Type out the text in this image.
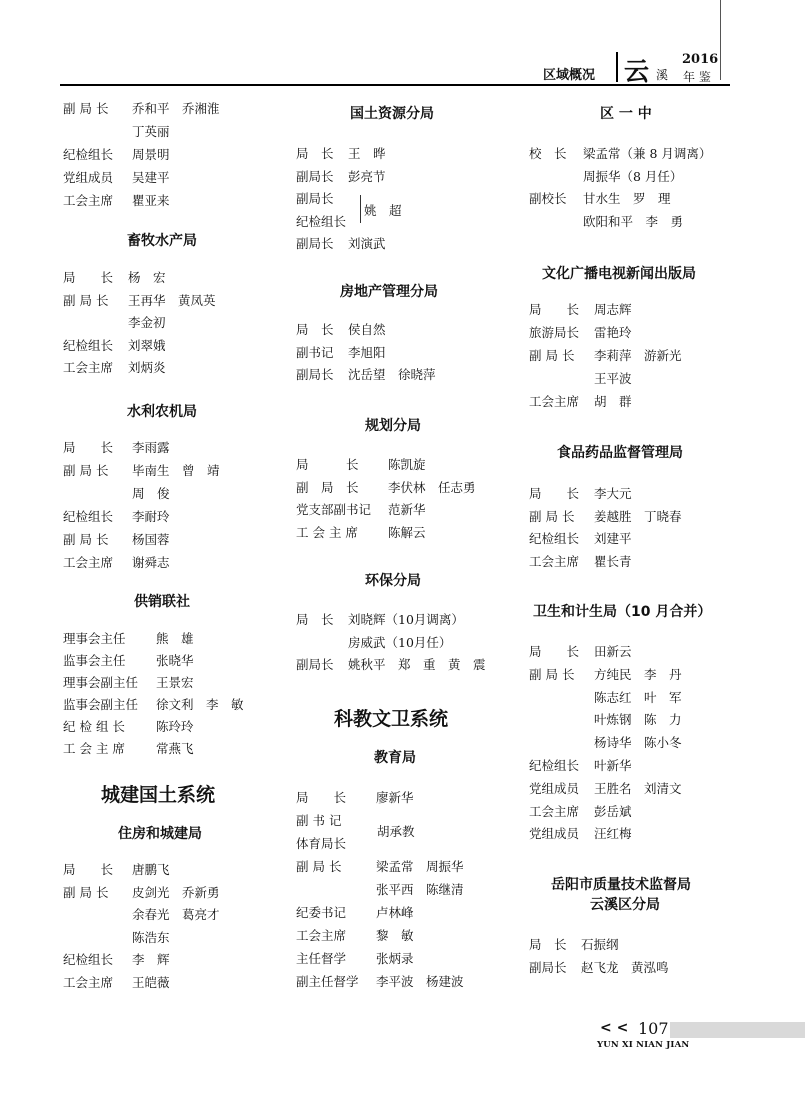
区域概况 云 溪
2016
年 鉴
副 局 长 乔和平　乔湘淮
丁英丽
纪检组长 周景明
党组成员 吴建平
工会主席 瞿亚来
畜牧水产局
局　　长 杨　宏
副 局 长 王再华　黄凤英
李金初
纪检组长 刘翠娥
工会主席 刘炳炎
水利农机局
局　　长 李雨露
副 局 长 毕南生　曾　靖
周　俊
纪检组长 李耐玲
副 局 长 杨国蓉
工会主席 谢舜志
供销联社
理事会主任 熊　雄
监事会主任 张晓华
理事会副主任 王景宏
监事会副主任 徐文利　李　敏
纪 检 组 长 陈玲玲
工 会 主 席 常燕飞
城建国土系统
住房和城建局
局　　长 唐鹏飞
副 局 长 皮剑光　乔新勇
余春光　葛亮才
陈浩东
纪检组长 李　辉
工会主席 王皑薇
国土资源分局
局　长 王　晔
副局长 彭亮节
副局长
纪检组长
副局长 刘演武
姚　超
房地产管理分局
局　长 侯自然
副书记 李旭阳
副局长 沈岳望　徐晓萍
规划分局
局　　　长 陈凯旋
副　局　长 李伏林　任志勇
党支部副书记 范新华
工 会 主 席 陈解云
环保分局
局　长 刘晓辉（10月调离）
房威武（10月任）
副局长 姚秋平　郑　重　黄　震
科教文卫系统
教育局
局　　长 廖新华
副 书 记
体育局长
副 局 长	梁孟常　周振华
张平西　陈继清
纪委书记 卢林峰
工会主席 黎　敏
主任督学 张炳录
副主任督学 李平波　杨建波
胡承教
区 一 中
校　长 梁孟常（兼 8 月调离）
周振华（8 月任）
副校长 甘水生　罗　理
欧阳和平　李　勇
文化广播电视新闻出版局
局　　长 周志辉
旅游局长 雷艳玲
副 局 长 李莉萍　游新光
王平波
工会主席 胡　群
食品药品监督管理局
局　　长 李大元
副 局 长 姜越胜　丁晓春
纪检组长 刘建平
工会主席 瞿长青
卫生和计生局（10 月合并）
局　　长 田新云
副 局 长 方纯民　李　丹
陈志红　叶　军
叶炼钢　陈　力
杨诗华　陈小冬
纪检组长 叶新华
党组成员 王胜名　刘清文
工会主席 彭岳斌
党组成员 汪红梅
岳阳市质量技术监督局
云溪区分局
局　长 石振纲
副局长 赵飞龙　黄泓鸣
< < 107
YUN XI NIAN JIAN
